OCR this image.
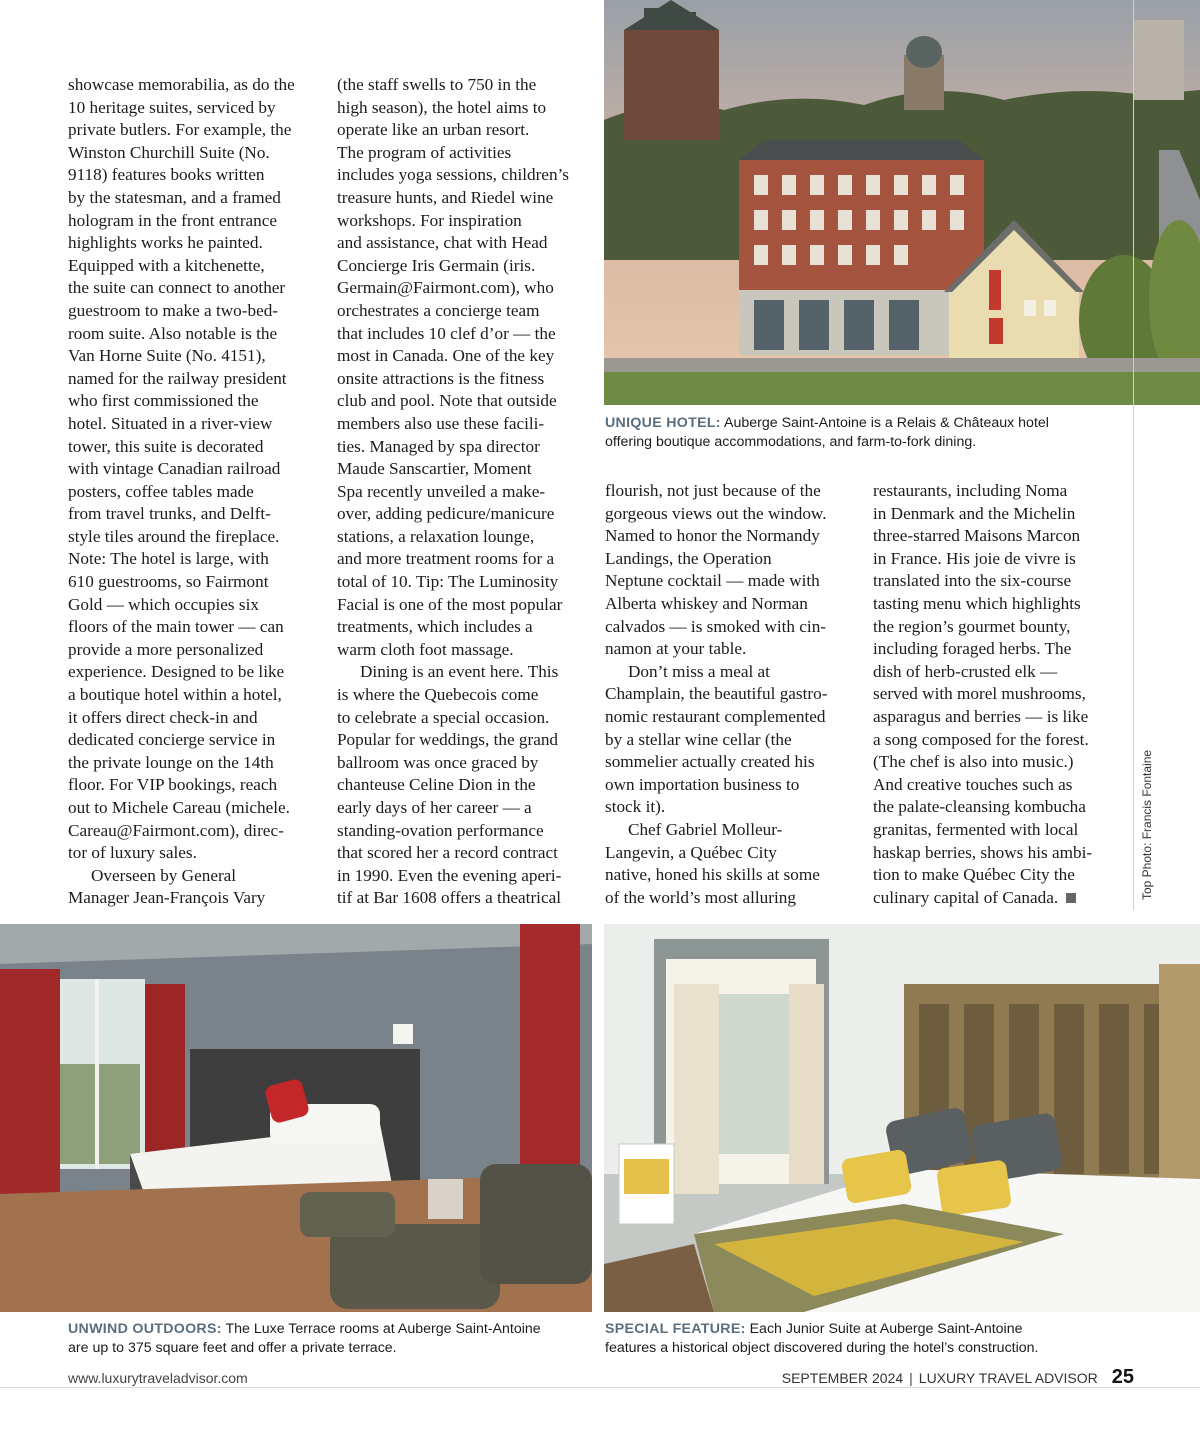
showcase memorabilia, as do the
10 heritage suites, serviced by
private butlers. For example, the
Winston Churchill Suite (No.
9118) features books written
by the statesman, and a framed
hologram in the front entrance
highlights works he painted.
Equipped with a kitchenette,
the suite can connect to another
guestroom to make a two-bed-
room suite. Also notable is the
Van Horne Suite (No. 4151),
named for the railway president
who first commissioned the
hotel. Situated in a river-view
tower, this suite is decorated
with vintage Canadian railroad
posters, coffee tables made
from travel trunks, and Delft-
style tiles around the fireplace.
Note: The hotel is large, with
610 guestrooms, so Fairmont
Gold — which occupies six
floors of the main tower — can
provide a more personalized
experience. Designed to be like
a boutique hotel within a hotel,
it offers direct check-in and
dedicated concierge service in
the private lounge on the 14th
floor. For VIP bookings, reach
out to Michele Careau (michele.
Careau@Fairmont.com), direc-
tor of luxury sales.
Overseen by General
Manager Jean-François Vary
(the staff swells to 750 in the
high season), the hotel aims to
operate like an urban resort.
The program of activities
includes yoga sessions, children’s
treasure hunts, and Riedel wine
workshops. For inspiration
and assistance, chat with Head
Concierge Iris Germain (iris.
Germain@Fairmont.com), who
orchestrates a concierge team
that includes 10 clef d’or — the
most in Canada. One of the key
onsite attractions is the fitness
club and pool. Note that outside
members also use these facili-
ties. Managed by spa director
Maude Sanscartier, Moment
Spa recently unveiled a make-
over, adding pedicure/manicure
stations, a relaxation lounge,
and more treatment rooms for a
total of 10. Tip: The Luminosity
Facial is one of the most popular
treatments, which includes a
warm cloth foot massage.
Dining is an event here. This
is where the Quebecois come
to celebrate a special occasion.
Popular for weddings, the grand
ballroom was once graced by
chanteuse Celine Dion in the
early days of her career — a
standing-ovation performance
that scored her a record contract
in 1990. Even the evening aperi-
tif at Bar 1608 offers a theatrical
flourish, not just because of the
gorgeous views out the window.
Named to honor the Normandy
Landings, the Operation
Neptune cocktail — made with
Alberta whiskey and Norman
calvados — is smoked with cin-
namon at your table.
Don’t miss a meal at
Champlain, the beautiful gastro-
nomic restaurant complemented
by a stellar wine cellar (the
sommelier actually created his
own importation business to
stock it).
Chef Gabriel Molleur-
Langevin, a Québec City
native, honed his skills at some
of the world’s most alluring
restaurants, including Noma
in Denmark and the Michelin
three-starred Maisons Marcon
in France. His joie de vivre is
translated into the six-course
tasting menu which highlights
the region’s gourmet bounty,
including foraged herbs. The
dish of herb-crusted elk —
served with morel mushrooms,
asparagus and berries — is like
a song composed for the forest.
(The chef is also into music.)
And creative touches such as
the palate-cleansing kombucha
granitas, fermented with local
haskap berries, shows his ambi-
tion to make Québec City the
culinary capital of Canada.
UNIQUE HOTEL: Auberge Saint-Antoine is a Relais & Châteaux hotel
offering boutique accommodations, and farm-to-fork dining.
Top Photo: Francis Fontaine
UNWIND OUTDOORS: The Luxe Terrace rooms at Auberge Saint-Antoine
are up to 375 square feet and offer a private terrace.
SPECIAL FEATURE: Each Junior Suite at Auberge Saint-Antoine
features a historical object discovered during the hotel’s construction.
www.luxurytraveladvisor.com	SEPTEMBER 2024 | LUXURY TRAVEL ADVISOR 25
